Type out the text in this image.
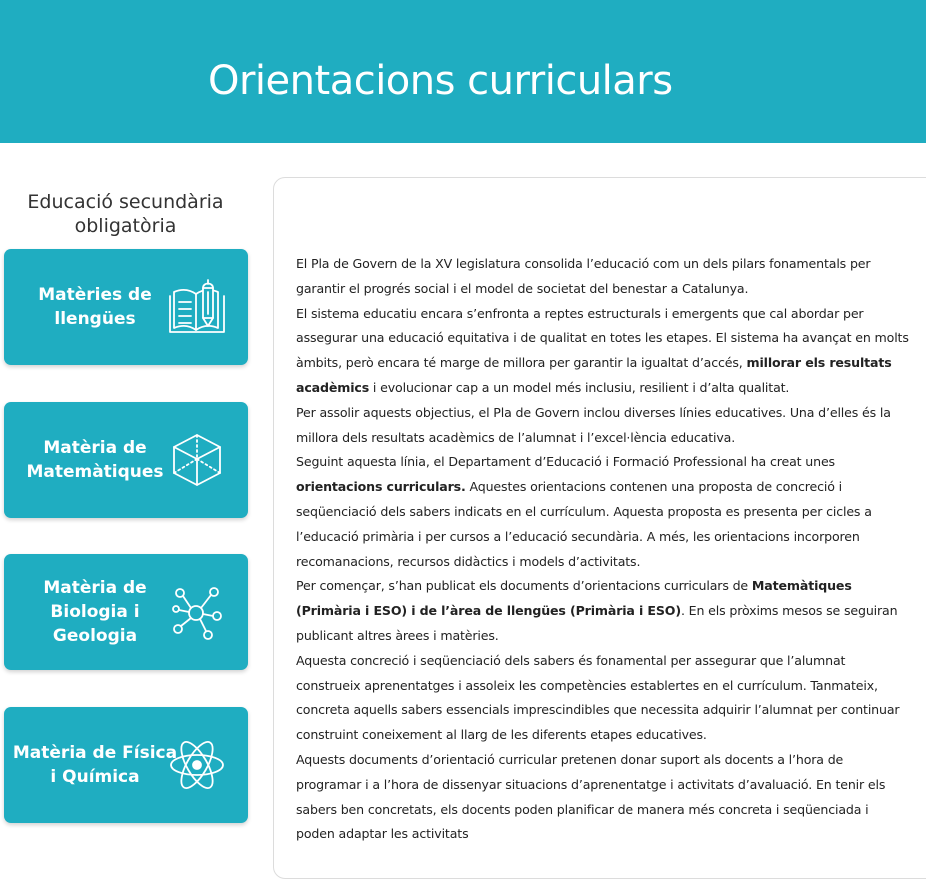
Orientacions curriculars
Educació secundària obligatòria
Matèries de llengües
Matèria de Matemàtiques
Matèria de Biologia i Geologia
Matèria de Física i Química

El Pla de Govern de la XV legislatura consolida l’educació com un dels pilars fonamentals per garantir el progrés social i el model de societat del benestar a Catalunya.

El sistema educatiu encara s’enfronta a reptes estructurals i emergents que cal abordar per assegurar una educació equitativa i de qualitat en totes les etapes. El sistema ha avançat en molts àmbits, però encara té marge de millora per garantir la igualtat d’accés, millorar els resultats acadèmics i evolucionar cap a un model més inclusiu, resilient i d’alta qualitat.

Per assolir aquests objectius, el Pla de Govern inclou diverses línies educatives. Una d’elles és la millora dels resultats acadèmics de l’alumnat i l’excel·lència educativa.

Seguint aquesta línia, el Departament d’Educació i Formació Professional ha creat unes orientacions curriculars. Aquestes orientacions contenen una proposta de concreció i seqüenciació dels sabers indicats en el currículum. Aquesta proposta es presenta per cicles a l’educació primària i per cursos a l’educació secundària. A més, les orientacions incorporen recomanacions, recursos didàctics i models d’activitats.

Per començar, s’han publicat els documents d’orientacions curriculars de Matemàtiques (Primària i ESO) i de l’àrea de llengües (Primària i ESO). En els pròxims mesos se seguiran publicant altres àrees i matèries.

Aquesta concreció i seqüenciació dels sabers és fonamental per assegurar que l’alumnat construeix aprenentatges i assoleix les competències establertes en el currículum. Tanmateix, concreta aquells sabers essencials imprescindibles que necessita adquirir l’alumnat per continuar construint coneixement al llarg de les diferents etapes educatives.

Aquests documents d’orientació curricular pretenen donar suport als docents a l’hora de programar i a l’hora de dissenyar situacions d’aprenentatge i activitats d’avaluació. En tenir els sabers ben concretats, els docents poden planificar de manera més concreta i seqüenciada i poden adaptar les activitats
